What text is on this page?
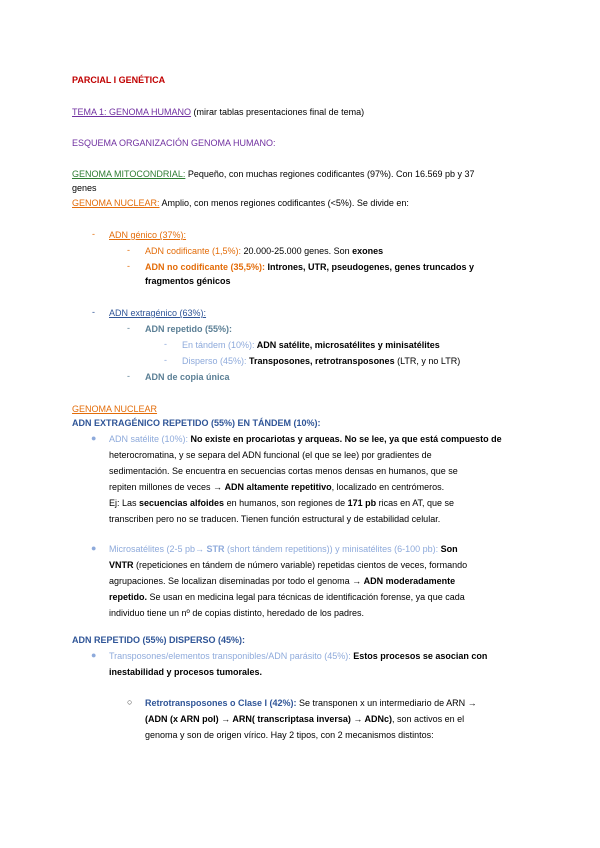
PARCIAL I GENÉTICA
TEMA 1: GENOMA HUMANO (mirar tablas presentaciones final de tema)
ESQUEMA ORGANIZACIÓN GENOMA HUMANO:
GENOMA MITOCONDRIAL: Pequeño, con muchas regiones codificantes (97%). Con 16.569 pb y 37
genes
GENOMA NUCLEAR: Amplio, con menos regiones codificantes (<5%). Se divide en:
- ADN génico (37%):
- ADN codificante (1,5%): 20.000-25.000 genes. Son exones
- ADN no codificante (35,5%): Intrones, UTR, pseudogenes, genes truncados y
fragmentos génicos
- ADN extragénico (63%):
- ADN repetido (55%):
- En tándem (10%): ADN satélite, microsatélites y minisatélites
- Disperso (45%): Transposones, retrotransposones (LTR, y no LTR)
- ADN de copia única
GENOMA NUCLEAR
ADN EXTRAGÉNICO REPETIDO (55%) EN TÁNDEM (10%):
● ADN satélite (10%): No existe en procariotas y arqueas. No se lee, ya que está compuesto de
heterocromatina, y se separa del ADN funcional (el que se lee) por gradientes de
sedimentación. Se encuentra en secuencias cortas menos densas en humanos, que se
repiten millones de veces → ADN altamente repetitivo, localizado en centrómeros.
Ej: Las secuencias alfoides en humanos, son regiones de 171 pb ricas en AT, que se
transcriben pero no se traducen. Tienen función estructural y de estabilidad celular.
● Microsatélites (2-5 pb→ STR (short tándem repetitions)) y minisatélites (6-100 pb): Son
VNTR (repeticiones en tándem de número variable) repetidas cientos de veces, formando
agrupaciones. Se localizan diseminadas por todo el genoma → ADN moderadamente
repetido. Se usan en medicina legal para técnicas de identificación forense, ya que cada
individuo tiene un nº de copias distinto, heredado de los padres.
ADN REPETIDO (55%) DISPERSO (45%):
● Transposones/elementos transponibles/ADN parásito (45%): Estos procesos se asocian con
inestabilidad y procesos tumorales.
○ Retrotransposones o Clase I (42%): Se transponen x un intermediario de ARN →
(ADN (x ARN pol) → ARN( transcriptasa inversa) → ADNc), son activos en el
genoma y son de origen vírico. Hay 2 tipos, con 2 mecanismos distintos:
